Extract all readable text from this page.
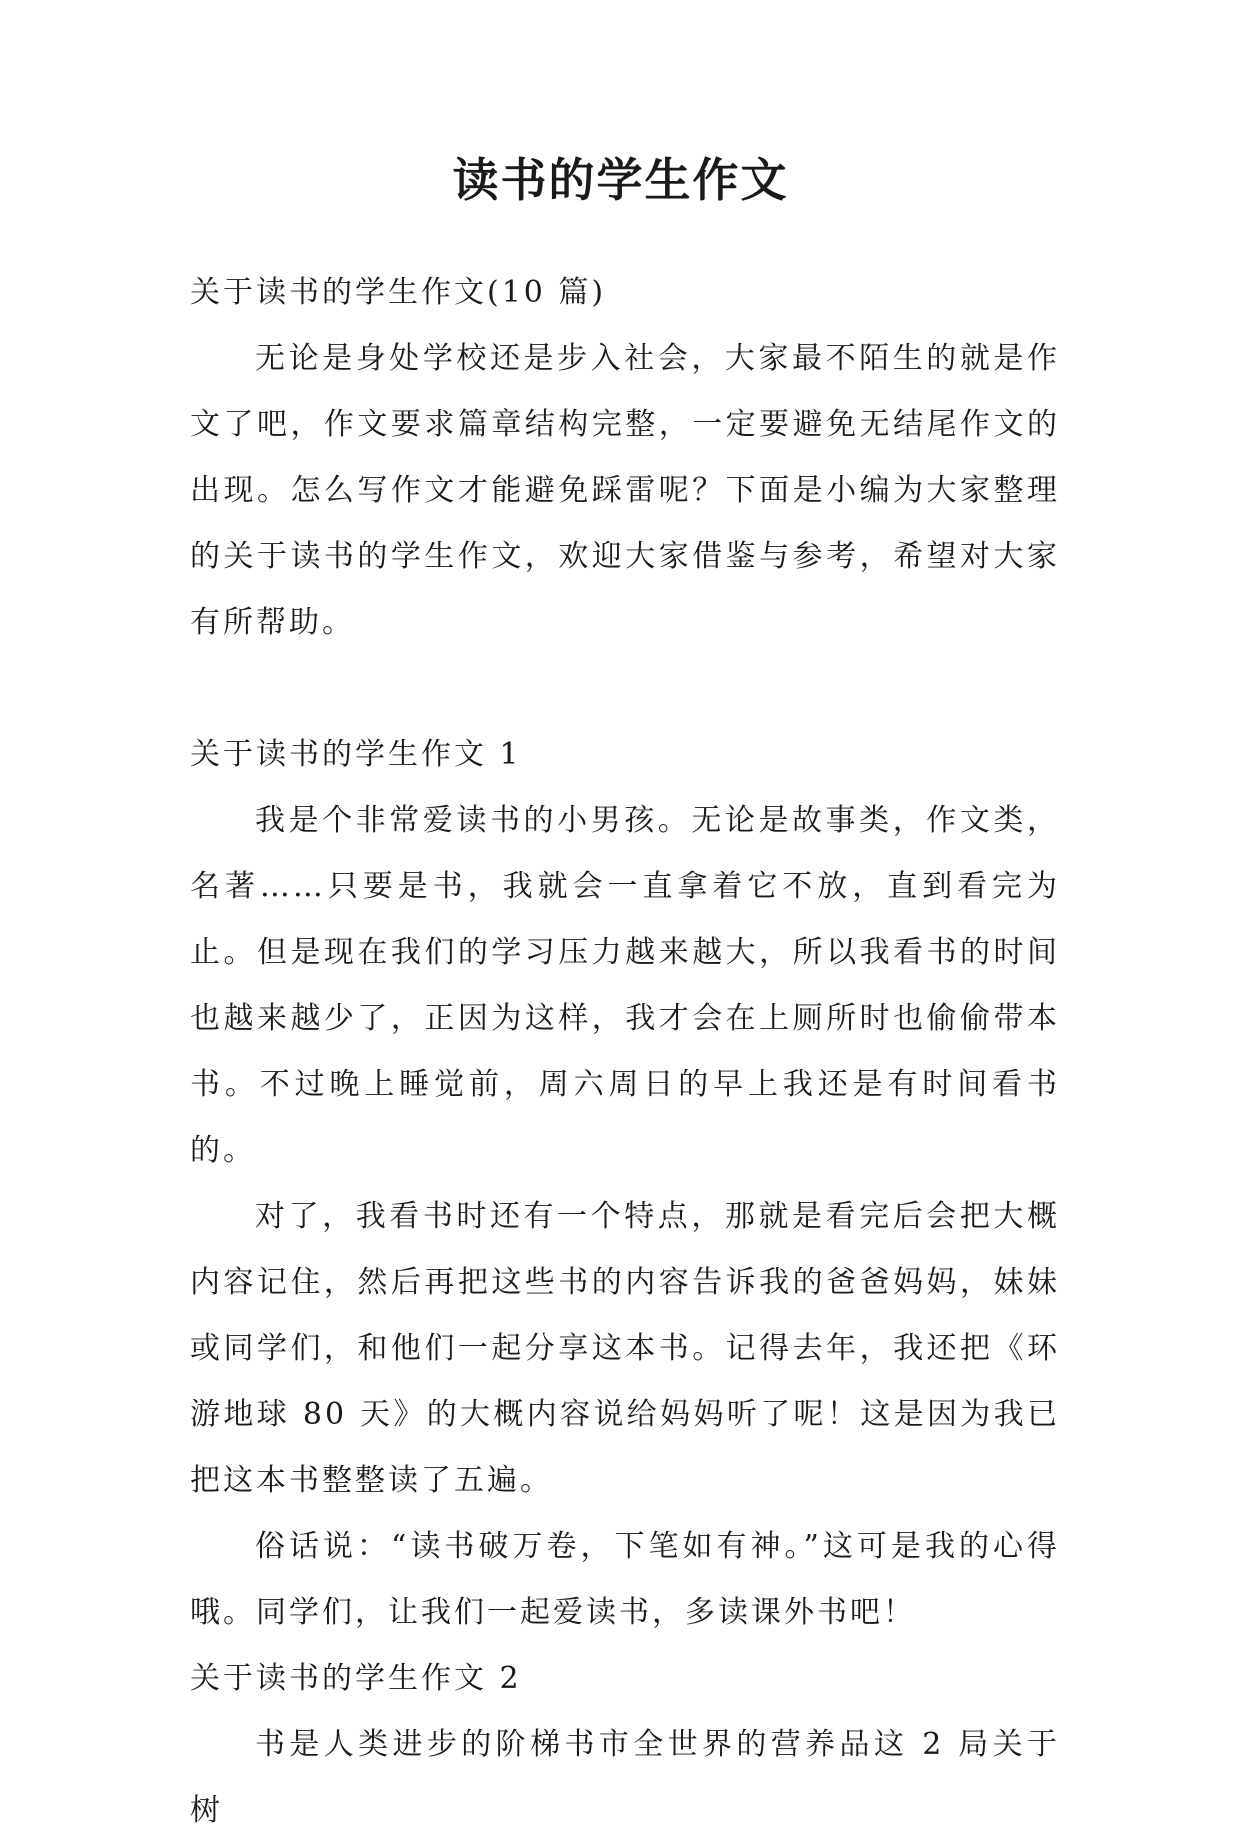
读书的学生作文

关于读书的学生作文(10 篇)

无论是身处学校还是步入社会，大家最不陌生的就是作文了吧，作文要求篇章结构完整，一定要避免无结尾作文的出现。怎么写作文才能避免踩雷呢？下面是小编为大家整理的关于读书的学生作文，欢迎大家借鉴与参考，希望对大家有所帮助。

关于读书的学生作文 1

我是个非常爱读书的小男孩。无论是故事类，作文类，名著……只要是书，我就会一直拿着它不放，直到看完为止。但是现在我们的学习压力越来越大，所以我看书的时间也越来越少了，正因为这样，我才会在上厕所时也偷偷带本书。不过晚上睡觉前，周六周日的早上我还是有时间看书的。

对了，我看书时还有一个特点，那就是看完后会把大概内容记住，然后再把这些书的内容告诉我的爸爸妈妈，妹妹或同学们，和他们一起分享这本书。记得去年，我还把《环游地球 80 天》的大概内容说给妈妈听了呢！这是因为我已把这本书整整读了五遍。

俗话说：“读书破万卷，下笔如有神。”这可是我的心得哦。同学们，让我们一起爱读书，多读课外书吧！

关于读书的学生作文 2

书是人类进步的阶梯书市全世界的营养品这 2 局关于树
